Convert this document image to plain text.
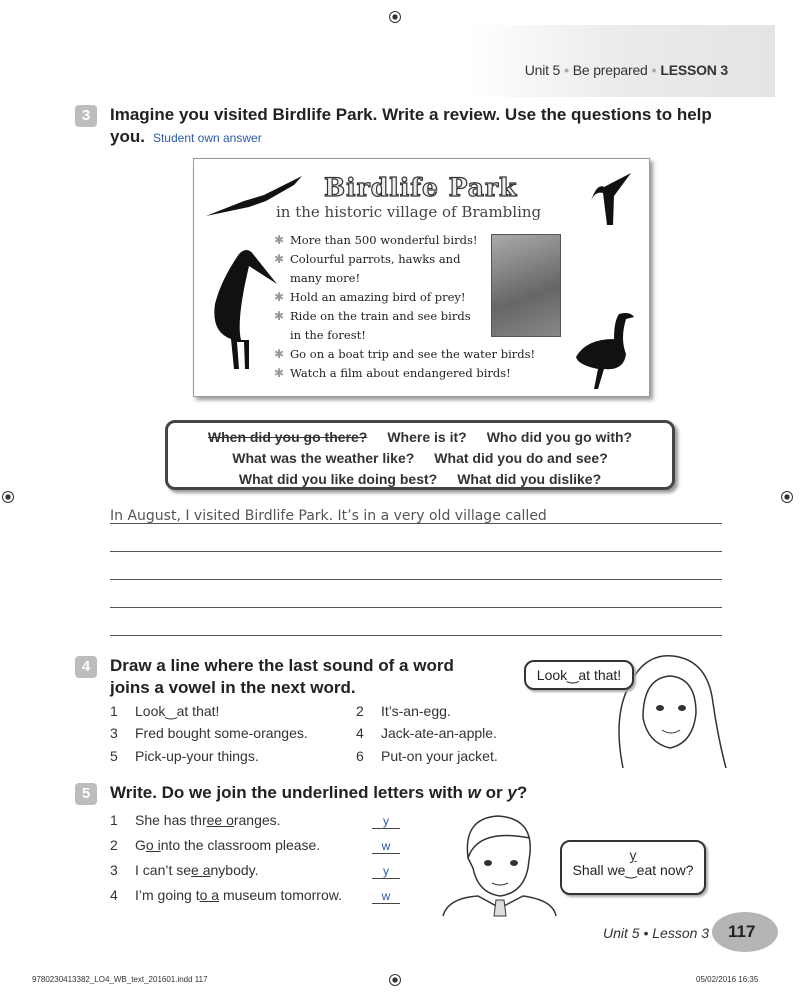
Unit 5 • Be prepared • LESSON 3
3	Imagine you visited Birdlife Park. Write a review. Use the questions to help you. Student own answer
Birdlife Park
in the historic village of Brambling
✱ More than 500 wonderful birds!
✱ Colourful parrots, hawks and many more!
✱ Hold an amazing bird of prey!
✱ Ride on the train and see birds in the forest!
✱ Go on a boat trip and see the water birds!
✱ Watch a film about endangered birds!
When did you go there? Where is it? Who did you go with?
What was the weather like? What did you do and see?
What did you like doing best? What did you dislike?
In August, I visited Birdlife Park. It’s in a very old village called
4	Draw a line where the last sound of a word joins a vowel in the next word.
1 Look‿at that!	2 It’s-an-egg.
3 Fred bought some-oranges.	4 Jack-ate-an-apple.
5 Pick-up-your things.	6 Put-on your jacket.
Look‿at that!
5	Write. Do we join the underlined letters with w or y?
1 She has three oranges.	y
2 Go into the classroom please.	w
3 I can’t see anybody.	y
4 I’m going to a museum tomorrow.	w
y
Shall we‿eat now?
Unit 5 • Lesson 3	117
9780230413382_LO4_WB_text_201601.indd 117	05/02/2016 16:35
